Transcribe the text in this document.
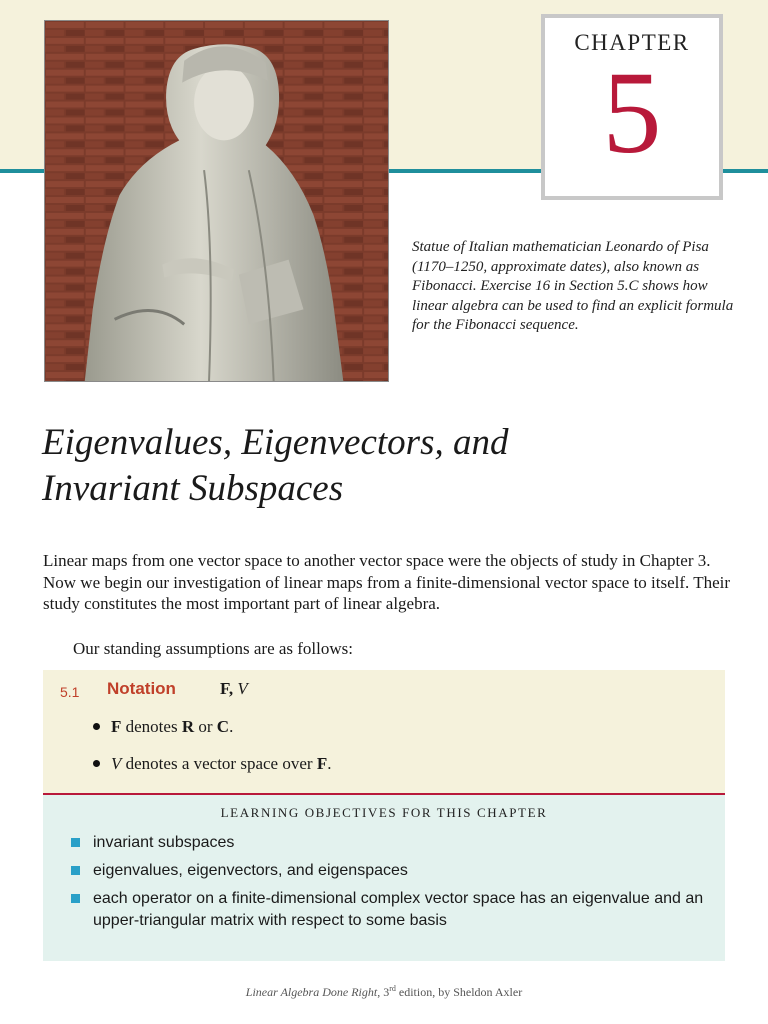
CHAPTER
5
Statue of Italian mathematician Leonardo of Pisa (1170–1250, approximate dates), also known as Fibonacci. Exercise 16 in Section 5.C shows how linear algebra can be used to find an explicit formula for the Fibonacci sequence.
Eigenvalues, Eigenvectors, and
Invariant Subspaces

Linear maps from one vector space to another vector space were the objects of study in Chapter 3. Now we begin our investigation of linear maps from a finite-dimensional vector space to itself. Their study constitutes the most important part of linear algebra.

Our standing assumptions are as follows:

5.1 Notation	F, V
F denotes R or C.
V denotes a vector space over F.
LEARNING OBJECTIVES FOR THIS CHAPTER
invariant subspaces
eigenvalues, eigenvectors, and eigenspaces
each operator on a finite-dimensional complex vector space has an eigenvalue and an upper-triangular matrix with respect to some basis
Linear Algebra Done Right, 3rd edition, by Sheldon Axler
